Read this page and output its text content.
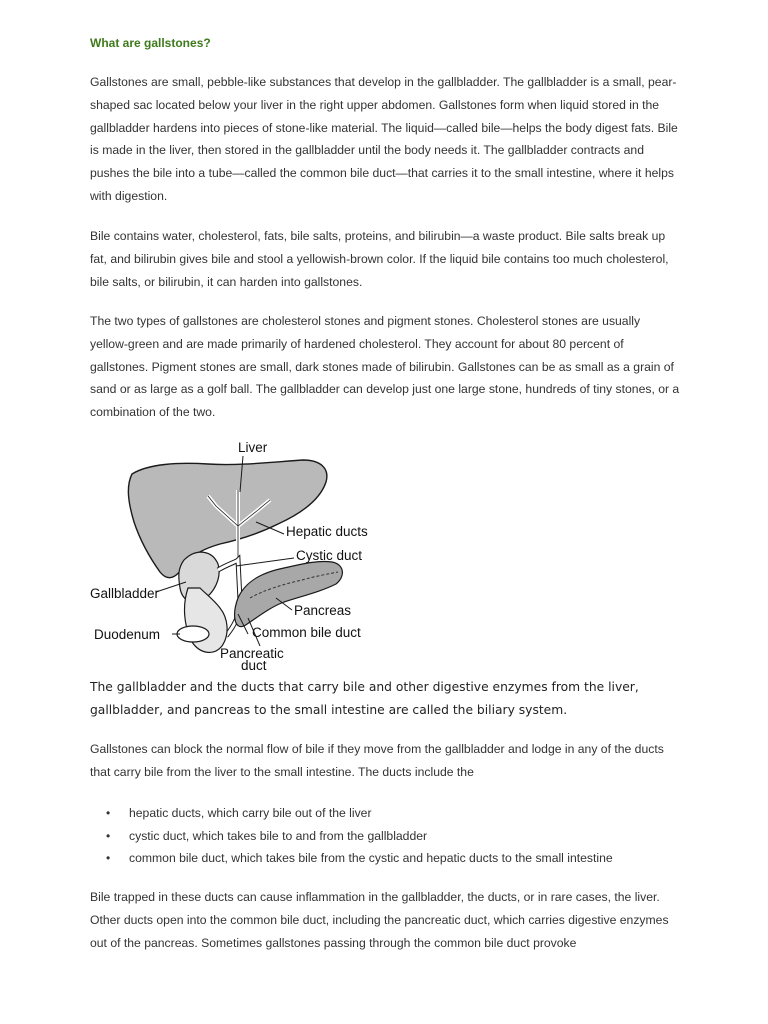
What are gallstones?

Gallstones are small, pebble-like substances that develop in the gallbladder. The gallbladder is a small, pear-shaped sac located below your liver in the right upper abdomen. Gallstones form when liquid stored in the gallbladder hardens into pieces of stone-like material. The liquid—called bile—helps the body digest fats. Bile is made in the liver, then stored in the gallbladder until the body needs it. The gallbladder contracts and pushes the bile into a tube—called the common bile duct—that carries it to the small intestine, where it helps with digestion.

Bile contains water, cholesterol, fats, bile salts, proteins, and bilirubin—a waste product. Bile salts break up fat, and bilirubin gives bile and stool a yellowish-brown color. If the liquid bile contains too much cholesterol, bile salts, or bilirubin, it can harden into gallstones.

The two types of gallstones are cholesterol stones and pigment stones. Cholesterol stones are usually yellow-green and are made primarily of hardened cholesterol. They account for about 80 percent of gallstones. Pigment stones are small, dark stones made of bilirubin. Gallstones can be as small as a grain of sand or as large as a golf ball. The gallbladder can develop just one large stone, hundreds of tiny stones, or a combination of the two.

Liver
Hepatic ducts
Cystic duct
Gallbladder
Pancreas
Duodenum	Common bile duct
Pancreatic
duct
The gallbladder and the ducts that carry bile and other digestive enzymes from the liver, gallbladder, and pancreas to the small intestine are called the biliary system.

Gallstones can block the normal flow of bile if they move from the gallbladder and lodge in any of the ducts that carry bile from the liver to the small intestine. The ducts include the

• hepatic ducts, which carry bile out of the liver
• cystic duct, which takes bile to and from the gallbladder
• common bile duct, which takes bile from the cystic and hepatic ducts to the small intestine

Bile trapped in these ducts can cause inflammation in the gallbladder, the ducts, or in rare cases, the liver. Other ducts open into the common bile duct, including the pancreatic duct, which carries digestive enzymes out of the pancreas. Sometimes gallstones passing through the common bile duct provoke
